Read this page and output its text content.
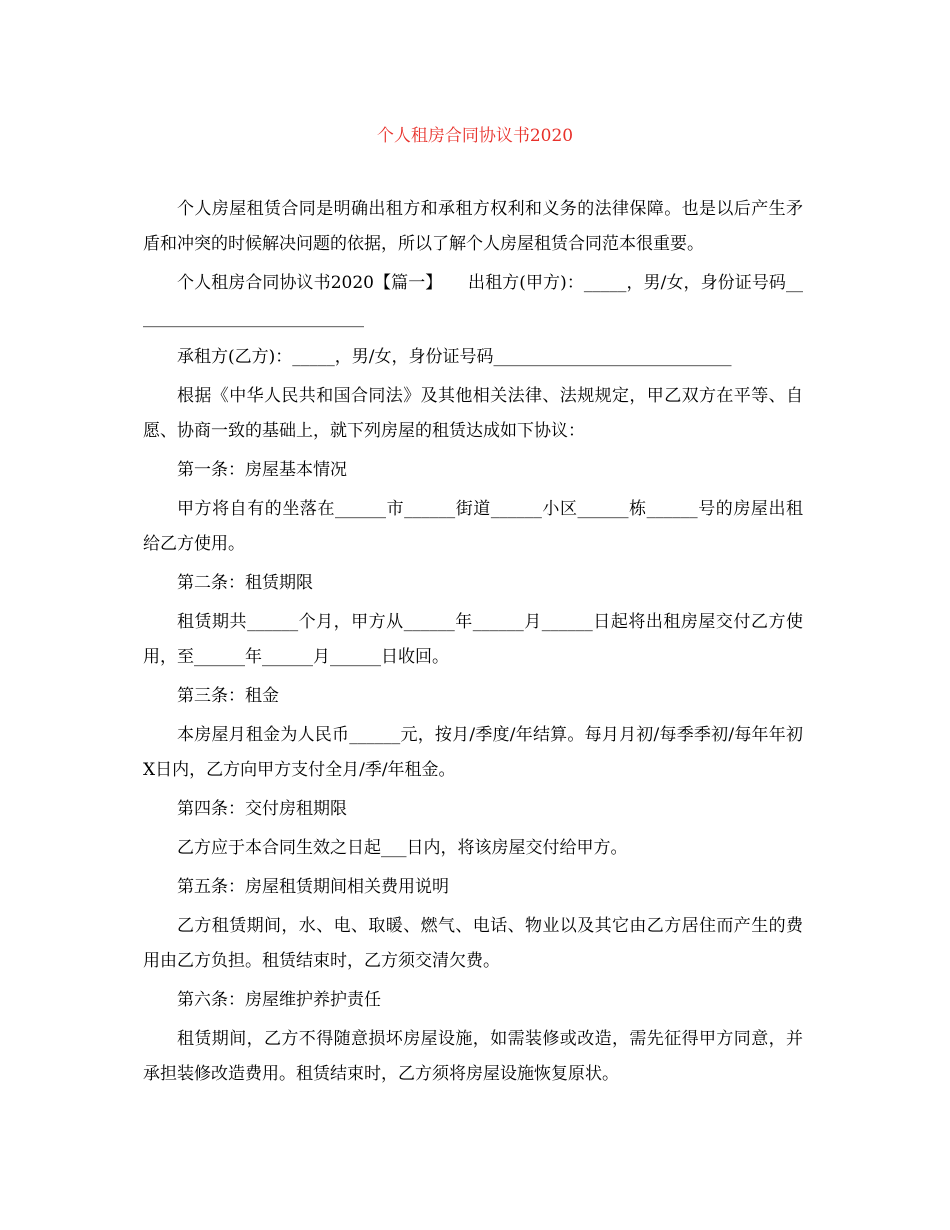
个人租房合同协议书2020

个人房屋租赁合同是明确出租方和承租方权利和义务的法律保障。也是以后产生矛盾和冲突的时候解决问题的依据，所以了解个人房屋租赁合同范本很重要。

个人租房合同协议书2020【篇一】　　出租方(甲方)：_____，男/女，身份证号码____________________________

承租方(乙方)：_____，男/女，身份证号码____________________________

根据《中华人民共和国合同法》及其他相关法律、法规规定，甲乙双方在平等、自愿、协商一致的基础上，就下列房屋的租赁达成如下协议：

第一条：房屋基本情况

甲方将自有的坐落在______市______街道______小区______栋______号的房屋出租给乙方使用。

第二条：租赁期限

租赁期共______个月，甲方从______年______月______日起将出租房屋交付乙方使用，至______年______月______日收回。

第三条：租金

本房屋月租金为人民币______元，按月/季度/年结算。每月月初/每季季初/每年年初X日内，乙方向甲方支付全月/季/年租金。

第四条：交付房租期限

乙方应于本合同生效之日起___日内，将该房屋交付给甲方。

第五条：房屋租赁期间相关费用说明

乙方租赁期间，水、电、取暖、燃气、电话、物业以及其它由乙方居住而产生的费用由乙方负担。租赁结束时，乙方须交清欠费。

第六条：房屋维护养护责任

租赁期间，乙方不得随意损坏房屋设施，如需装修或改造，需先征得甲方同意，并承担装修改造费用。租赁结束时，乙方须将房屋设施恢复原状。
